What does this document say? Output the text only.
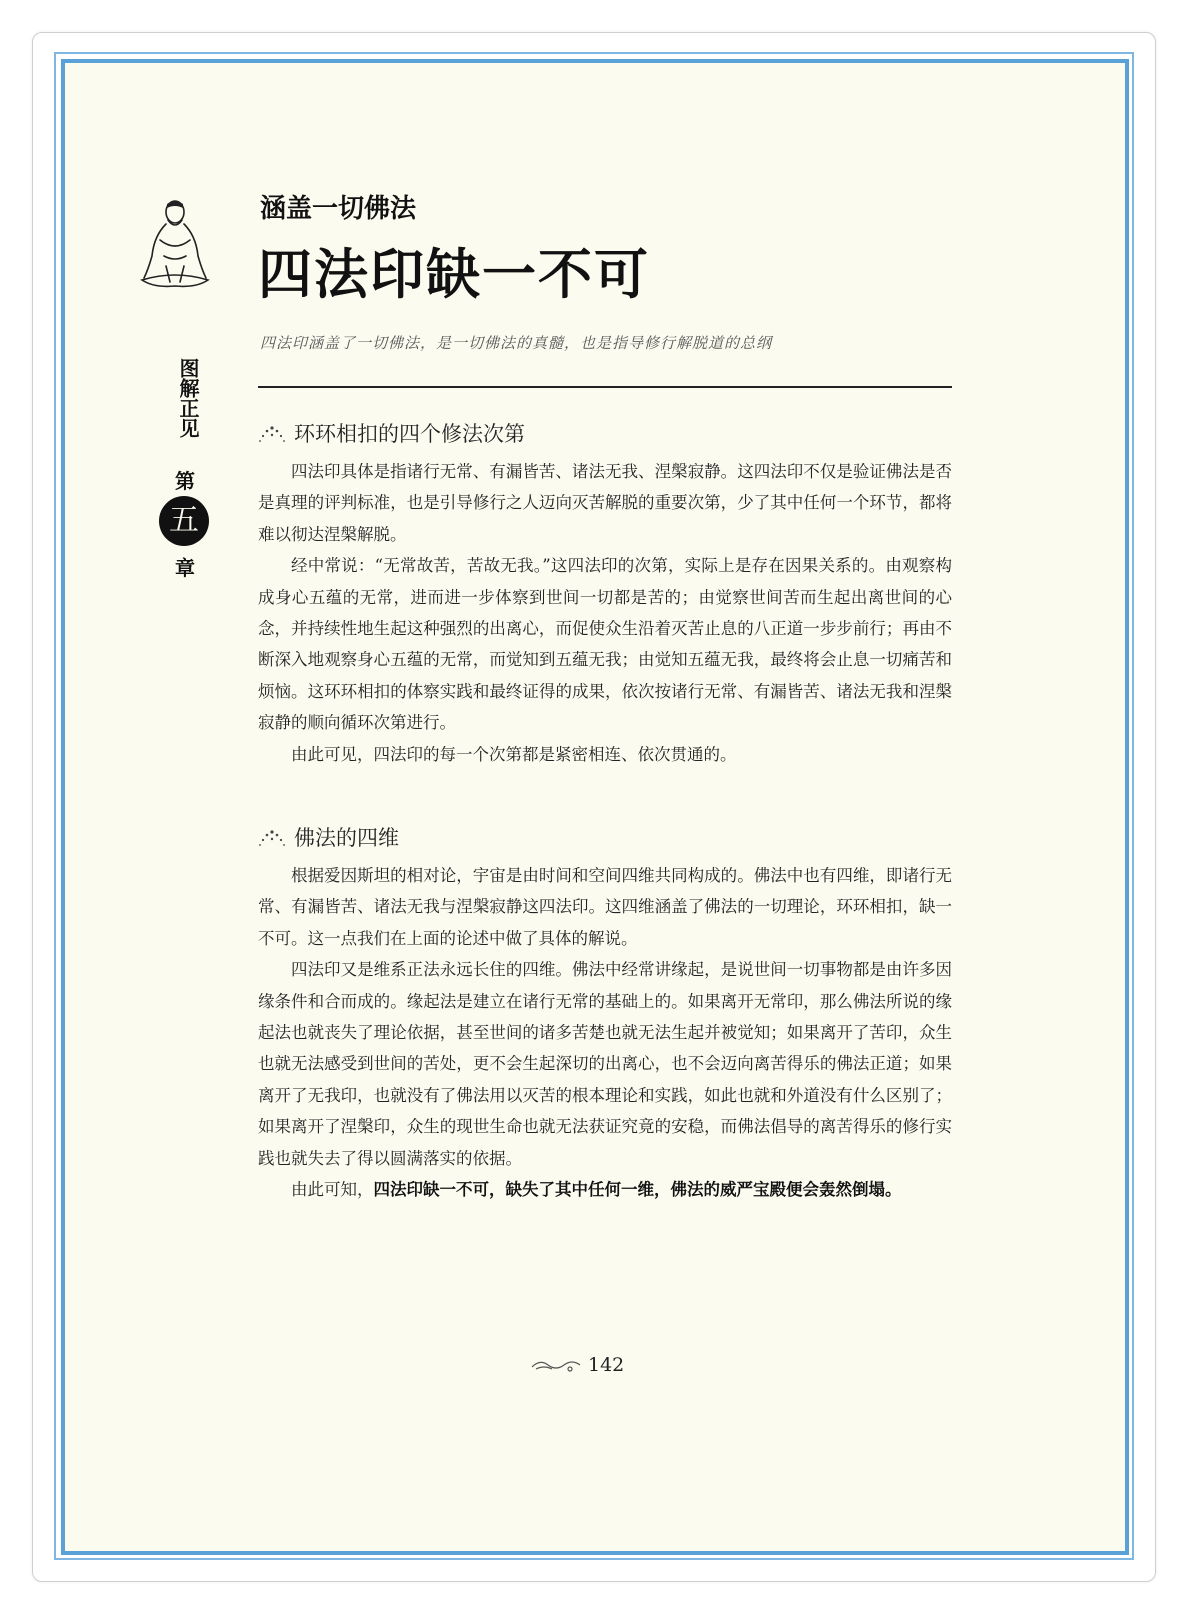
图解正见
第
五
章
涵盖一切佛法
四法印缺一不可
四法印涵盖了一切佛法，是一切佛法的真髓，也是指导修行解脱道的总纲
环环相扣的四个修法次第

四法印具体是指诸行无常、有漏皆苦、诸法无我、涅槃寂静。这四法印不仅是验证佛法是否是真理的评判标准，也是引导修行之人迈向灭苦解脱的重要次第，少了其中任何一个环节，都将难以彻达涅槃解脱。

经中常说：“无常故苦，苦故无我。”这四法印的次第，实际上是存在因果关系的。由观察构成身心五蕴的无常，进而进一步体察到世间一切都是苦的；由觉察世间苦而生起出离世间的心念，并持续性地生起这种强烈的出离心，而促使众生沿着灭苦止息的八正道一步步前行；再由不断深入地观察身心五蕴的无常，而觉知到五蕴无我；由觉知五蕴无我，最终将会止息一切痛苦和烦恼。这环环相扣的体察实践和最终证得的成果，依次按诸行无常、有漏皆苦、诸法无我和涅槃寂静的顺向循环次第进行。

由此可见，四法印的每一个次第都是紧密相连、依次贯通的。

佛法的四维

根据爱因斯坦的相对论，宇宙是由时间和空间四维共同构成的。佛法中也有四维，即诸行无常、有漏皆苦、诸法无我与涅槃寂静这四法印。这四维涵盖了佛法的一切理论，环环相扣，缺一不可。这一点我们在上面的论述中做了具体的解说。

四法印又是维系正法永远长住的四维。佛法中经常讲缘起，是说世间一切事物都是由许多因缘条件和合而成的。缘起法是建立在诸行无常的基础上的。如果离开无常印，那么佛法所说的缘起法也就丧失了理论依据，甚至世间的诸多苦楚也就无法生起并被觉知；如果离开了苦印，众生也就无法感受到世间的苦处，更不会生起深切的出离心，也不会迈向离苦得乐的佛法正道；如果离开了无我印，也就没有了佛法用以灭苦的根本理论和实践，如此也就和外道没有什么区别了；如果离开了涅槃印，众生的现世生命也就无法获证究竟的安稳，而佛法倡导的离苦得乐的修行实践也就失去了得以圆满落实的依据。

由此可知，四法印缺一不可，缺失了其中任何一维，佛法的威严宝殿便会轰然倒塌。

142
